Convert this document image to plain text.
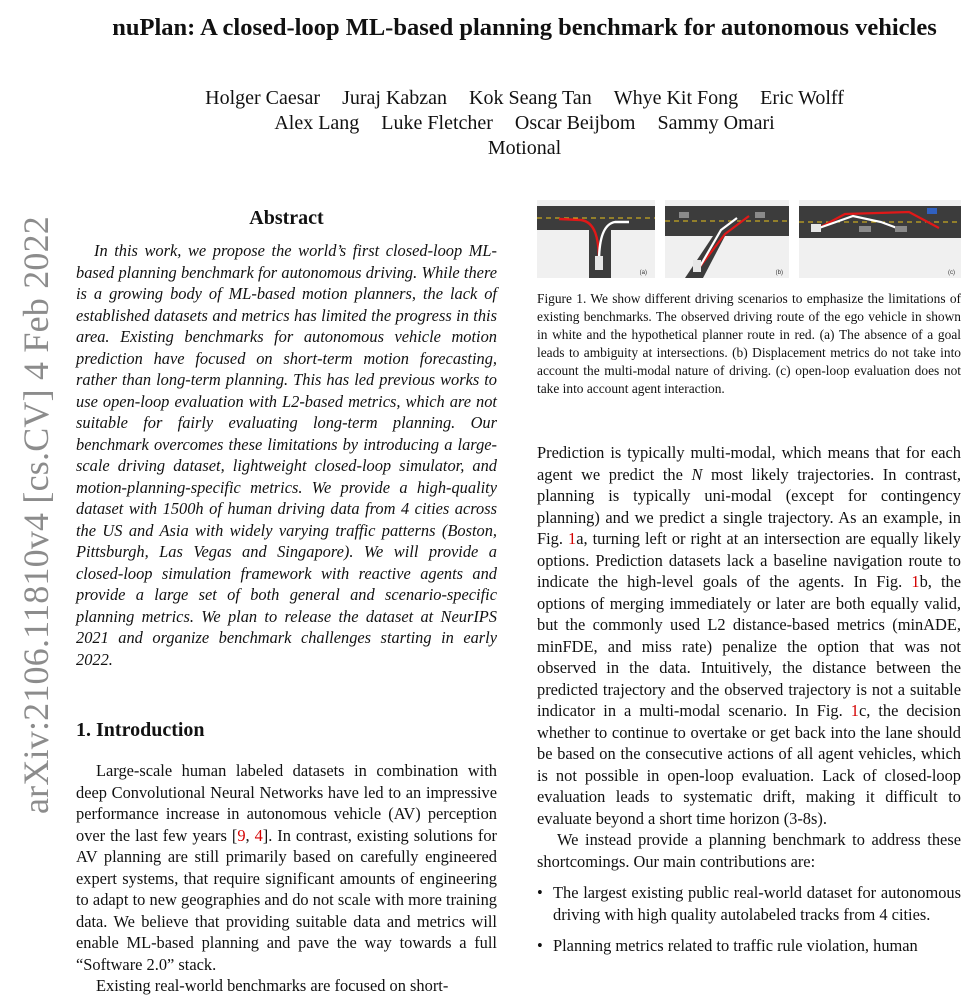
arXiv:2106.11810v4 [cs.CV] 4 Feb 2022
nuPlan: A closed-loop ML-based planning benchmark for autonomous vehicles
Holger Caesar Juraj Kabzan Kok Seang Tan Whye Kit Fong Eric Wolff
Alex Lang Luke Fletcher Oscar Beijbom Sammy Omari
Motional
Abstract

In this work, we propose the world’s first closed-loop ML-based planning benchmark for autonomous driving. While there is a growing body of ML-based motion planners, the lack of established datasets and metrics has limited the progress in this area. Existing benchmarks for autonomous vehicle motion prediction have focused on short-term motion forecasting, rather than long-term planning. This has led previous works to use open-loop evaluation with L2-based metrics, which are not suitable for fairly evaluating long-term planning. Our benchmark overcomes these limitations by introducing a large-scale driving dataset, lightweight closed-loop simulator, and motion-planning-specific metrics. We provide a high-quality dataset with 1500h of human driving data from 4 cities across the US and Asia with widely varying traffic patterns (Boston, Pittsburgh, Las Vegas and Singapore). We will provide a closed-loop simulation framework with reactive agents and provide a large set of both general and scenario-specific planning metrics. We plan to release the dataset at NeurIPS 2021 and organize benchmark challenges starting in early 2022.

1. Introduction

Large-scale human labeled datasets in combination with deep Convolutional Neural Networks have led to an impressive performance increase in autonomous vehicle (AV) perception over the last few years [9, 4]. In contrast, existing solutions for AV planning are still primarily based on carefully engineered expert systems, that require significant amounts of engineering to adapt to new geographies and do not scale with more training data. We believe that providing suitable data and metrics will enable ML-based planning and pave the way towards a full “Software 2.0” stack.

Existing real-world benchmarks are focused on short-

(a)	(b)	(c)

Figure 1. We show different driving scenarios to emphasize the limitations of existing benchmarks. The observed driving route of the ego vehicle in shown in white and the hypothetical planner route in red. (a) The absence of a goal leads to ambiguity at intersections. (b) Displacement metrics do not take into account the multi-modal nature of driving. (c) open-loop evaluation does not take into account agent interaction.

Prediction is typically multi-modal, which means that for each agent we predict the N most likely trajectories. In contrast, planning is typically uni-modal (except for contingency planning) and we predict a single trajectory. As an example, in Fig. 1a, turning left or right at an intersection are equally likely options. Prediction datasets lack a baseline navigation route to indicate the high-level goals of the agents. In Fig. 1b, the options of merging immediately or later are both equally valid, but the commonly used L2 distance-based metrics (minADE, minFDE, and miss rate) penalize the option that was not observed in the data. Intuitively, the distance between the predicted trajectory and the observed trajectory is not a suitable indicator in a multi-modal scenario. In Fig. 1c, the decision whether to continue to overtake or get back into the lane should be based on the consecutive actions of all agent vehicles, which is not possible in open-loop evaluation. Lack of closed-loop evaluation leads to systematic drift, making it difficult to evaluate beyond a short time horizon (3-8s).

We instead provide a planning benchmark to address these shortcomings. Our main contributions are:

• The largest existing public real-world dataset for autonomous driving with high quality autolabeled tracks from 4 cities.
• Planning metrics related to traffic rule violation, human
